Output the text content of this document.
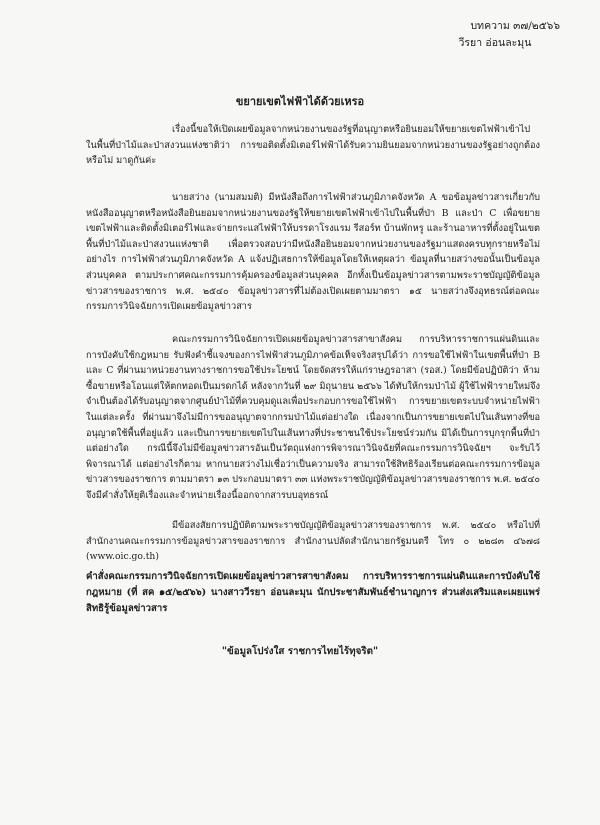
บทความ ๓๗/๒๕๖๖
วีรยา อ่อนละมุน
ขยายเขตไฟฟ้าได้ด้วยเหรอ
เรื่องนี้ขอให้เปิดเผยข้อมูลจากหน่วยงานของรัฐที่อนุญาตหรือยินยอมให้ขยายเขตไฟฟ้าเข้าไปในพื้นที่ป่าไม้และป่าสงวนแห่งชาติว่า การขอติดตั้งมิเตอร์ไฟฟ้าได้รับความยินยอมจากหน่วยงานของรัฐอย่างถูกต้องหรือไม่ มาดูกันค่ะ
นายสว่าง (นามสมมติ) มีหนังสือถึงการไฟฟ้าส่วนภูมิภาคจังหวัด A ขอข้อมูลข่าวสารเกี่ยวกับหนังสืออนุญาตหรือหนังสือยินยอมจากหน่วยงานของรัฐให้ขยายเขตไฟฟ้าเข้าไปในพื้นที่ป่า B และป่า C เพื่อขยายเขตไฟฟ้าและติดตั้งมิเตอร์ไฟและจ่ายกระแสไฟฟ้าให้บรรดาโรงแรม รีสอร์ท บ้านพักหรู และร้านอาหารที่ตั้งอยู่ในเขตพื้นที่ป่าไม้และป่าสงวนแห่งชาติ เพื่อตรวจสอบว่ามีหนังสือยินยอมจากหน่วยงานของรัฐมาแสดงครบทุกรายหรือไม่อย่างไร การไฟฟ้าส่วนภูมิภาคจังหวัด A แจ้งปฏิเสธการให้ข้อมูลโดยให้เหตุผลว่า ข้อมูลที่นายสว่างขอนั้นเป็นข้อมูลส่วนบุคคล ตามประกาศคณะกรรมการคุ้มครองข้อมูลส่วนบุคคล อีกทั้งเป็นข้อมูลข่าวสารตามพระราชบัญญัติข้อมูลข่าวสารของราชการ พ.ศ. ๒๕๔๐ ข้อมูลข่าวสารที่ไม่ต้องเปิดเผยตามมาตรา ๑๕ นายสว่างจึงอุทธรณ์ต่อคณะกรรมการวินิจฉัยการเปิดเผยข้อมูลข่าวสาร
คณะกรรมการวินิจฉัยการเปิดเผยข้อมูลข่าวสารสาขาสังคม การบริหารราชการแผ่นดินและการบังคับใช้กฎหมาย รับฟังคำชี้แจงของการไฟฟ้าส่วนภูมิภาคข้อเท็จจริงสรุปได้ว่า การขอใช้ไฟฟ้าในเขตพื้นที่ป่า B และ C ที่ผ่านมาหน่วยงานทางราชการขอใช้ประโยชน์ โดยจัดสรรให้แก่ราษฎรอาสา (รอส.) โดยมีข้อปฏิบัติว่า ห้ามซื้อขายหรือโอนแต่ให้ตกทอดเป็นมรดกได้ หลังจากวันที่ ๒๙ มิถุนายน ๒๕๖๖ ได้ทับให้กรมป่าไม้ ผู้ใช้ไฟฟ้ารายใหม่จึงจำเป็นต้องได้รับอนุญาตจากศูนย์ป่าไม้ที่ควบคุมดูแลเพื่อประกอบการขอใช้ไฟฟ้า การขยายเขตระบบจำหน่ายไฟฟ้าในแต่ละครั้ง ที่ผ่านมาจึงไม่มีการขออนุญาตจากกรมป่าไม้แต่อย่างใด เนื่องจากเป็นการขยายเขตไปในเส้นทางที่ขออนุญาตใช้พื้นที่อยู่แล้ว และเป็นการขยายเขตไปในเส้นทางที่ประชาชนใช้ประโยชน์ร่วมกัน มิได้เป็นการบุกรุกพื้นที่ป่าแต่อย่างใด กรณีนี้จึงไม่มีข้อมูลข่าวสารอันเป็นวัตถุแห่งการพิจารณาวินิจฉัยที่คณะกรรมการวินิจฉัยฯ จะรับไว้พิจารณาได้ แต่อย่างไรก็ตาม หากนายสว่างไม่เชื่อว่าเป็นความจริง สามารถใช้สิทธิร้องเรียนต่อคณะกรรมการข้อมูลข่าวสารของราชการ ตามมาตรา ๑๓ ประกอบมาตรา ๓๓ แห่งพระราชบัญญัติข้อมูลข่าวสารของราชการ พ.ศ. ๒๕๔๐ จึงมีคำสั่งให้ยุติเรื่องและจำหน่ายเรื่องนี้ออกจากสารบบอุทธรณ์
มีข้อสงสัยการปฏิบัติตามพระราชบัญญัติข้อมูลข่าวสารของราชการ พ.ศ. ๒๕๔๐ หรือไปที่สำนักงานคณะกรรมการข้อมูลข่าวสารของราชการ สำนักงานปลัดสำนักนายกรัฐมนตรี โทร ๐ ๒๒๘๓ ๔๖๗๘ (www.oic.go.th)
คำสั่งคณะกรรมการวินิจฉัยการเปิดเผยข้อมูลข่าวสารสาขาสังคม การบริหารราชการแผ่นดินและการบังคับใช้กฎหมาย (ที่ สค ๑๕/๒๕๖๖) นางสาววีรยา อ่อนละมุน นักประชาสัมพันธ์ชำนาญการ ส่วนส่งเสริมและเผยแพร่สิทธิรู้ข้อมูลข่าวสาร
"ข้อมูลโปร่งใส ราชการไทยไร้ทุจริต"
